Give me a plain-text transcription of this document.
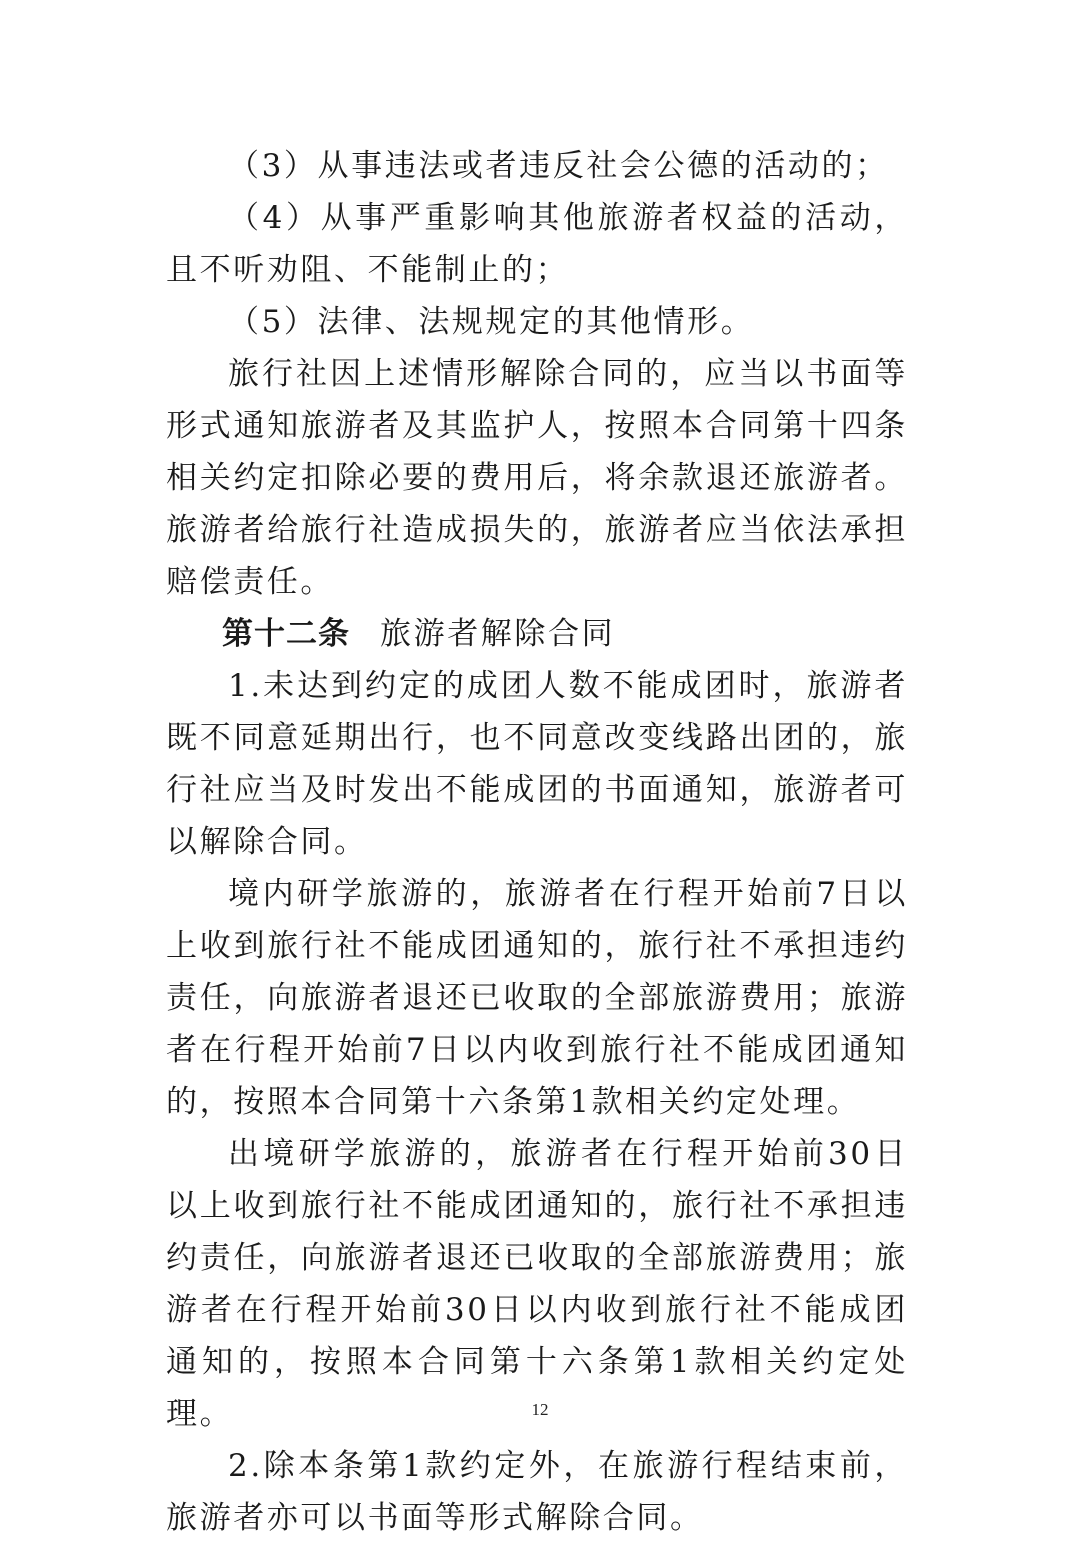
（3）从事违法或者违反社会公德的活动的；

（4）从事严重影响其他旅游者权益的活动，且不听劝阻、不能制止的；

（5）法律、法规规定的其他情形。

旅行社因上述情形解除合同的，应当以书面等形式通知旅游者及其监护人，按照本合同第十四条相关约定扣除必要的费用后，将余款退还旅游者。旅游者给旅行社造成损失的，旅游者应当依法承担赔偿责任。

第十二条 旅游者解除合同

1.未达到约定的成团人数不能成团时，旅游者既不同意延期出行，也不同意改变线路出团的，旅行社应当及时发出不能成团的书面通知，旅游者可以解除合同。

境内研学旅游的，旅游者在行程开始前7日以上收到旅行社不能成团通知的，旅行社不承担违约责任，向旅游者退还已收取的全部旅游费用；旅游者在行程开始前7日以内收到旅行社不能成团通知的，按照本合同第十六条第1款相关约定处理。

出境研学旅游的，旅游者在行程开始前30日以上收到旅行社不能成团通知的，旅行社不承担违约责任，向旅游者退还已收取的全部旅游费用；旅游者在行程开始前30日以内收到旅行社不能成团通知的，按照本合同第十六条第1款相关约定处理。

2.除本条第1款约定外，在旅游行程结束前，旅游者亦可以书面等形式解除合同。

12
